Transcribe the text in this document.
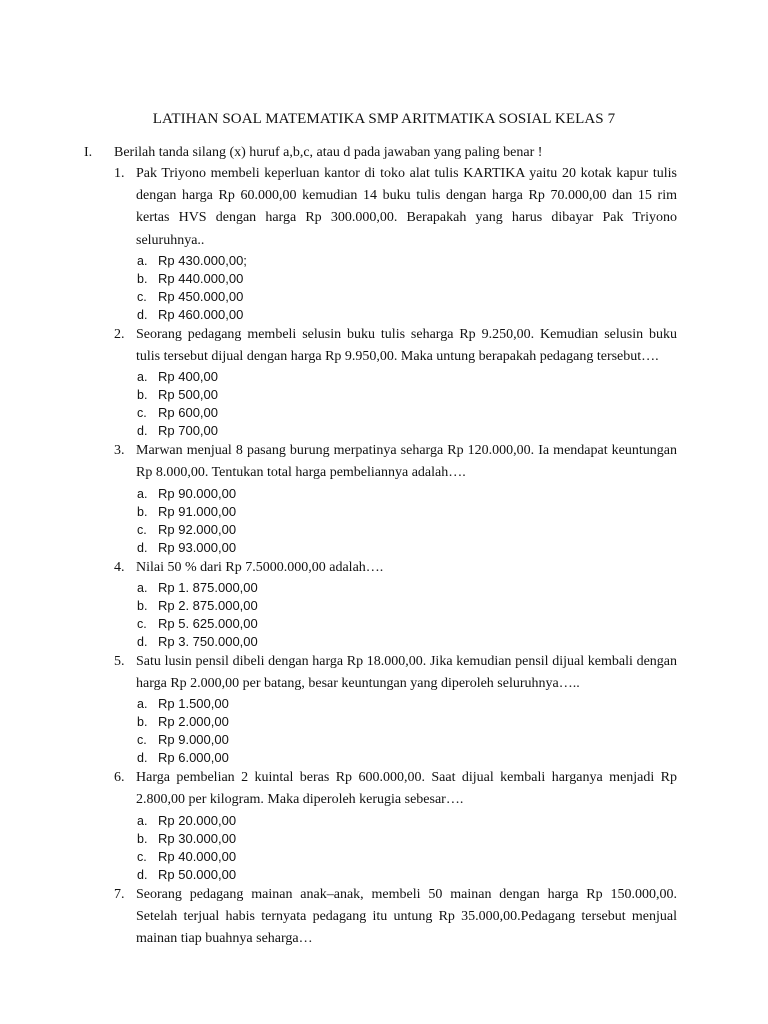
LATIHAN SOAL MATEMATIKA SMP ARITMATIKA SOSIAL KELAS 7
I. Berilah tanda silang (x) huruf a,b,c, atau d pada jawaban yang paling benar !
1. Pak Triyono membeli keperluan kantor di toko alat tulis KARTIKA yaitu 20 kotak kapur tulis dengan harga Rp 60.000,00 kemudian 14 buku tulis dengan harga Rp 70.000,00 dan 15 rim kertas HVS dengan harga Rp 300.000,00. Berapakah yang harus dibayar Pak Triyono seluruhnya..
a. Rp 430.000,00;
b. Rp 440.000,00
c. Rp 450.000,00
d. Rp 460.000,00
2. Seorang pedagang membeli selusin buku tulis seharga Rp 9.250,00. Kemudian selusin buku tulis tersebut dijual dengan harga Rp 9.950,00. Maka untung berapakah pedagang tersebut….
a. Rp 400,00
b. Rp 500,00
c. Rp 600,00
d. Rp 700,00
3. Marwan menjual 8 pasang burung merpatinya seharga Rp 120.000,00. Ia mendapat keuntungan Rp 8.000,00. Tentukan total harga pembeliannya adalah….
a. Rp 90.000,00
b. Rp 91.000,00
c. Rp 92.000,00
d. Rp 93.000,00
4. Nilai 50 % dari Rp 7.5000.000,00 adalah….
a. Rp 1. 875.000,00
b. Rp 2. 875.000,00
c. Rp 5. 625.000,00
d. Rp 3. 750.000,00
5. Satu lusin pensil dibeli dengan harga Rp 18.000,00. Jika kemudian pensil dijual kembali dengan harga Rp 2.000,00 per batang, besar keuntungan yang diperoleh seluruhnya…..
a. Rp 1.500,00
b. Rp 2.000,00
c. Rp 9.000,00
d. Rp 6.000,00
6. Harga pembelian 2 kuintal beras Rp 600.000,00. Saat dijual kembali harganya menjadi Rp 2.800,00 per kilogram. Maka diperoleh kerugia sebesar….
a. Rp 20.000,00
b. Rp 30.000,00
c. Rp 40.000,00
d. Rp 50.000,00
7. Seorang pedagang mainan anak–anak, membeli 50 mainan dengan harga Rp 150.000,00. Setelah terjual habis ternyata pedagang itu untung Rp 35.000,00.Pedagang tersebut menjual mainan tiap buahnya seharga…
